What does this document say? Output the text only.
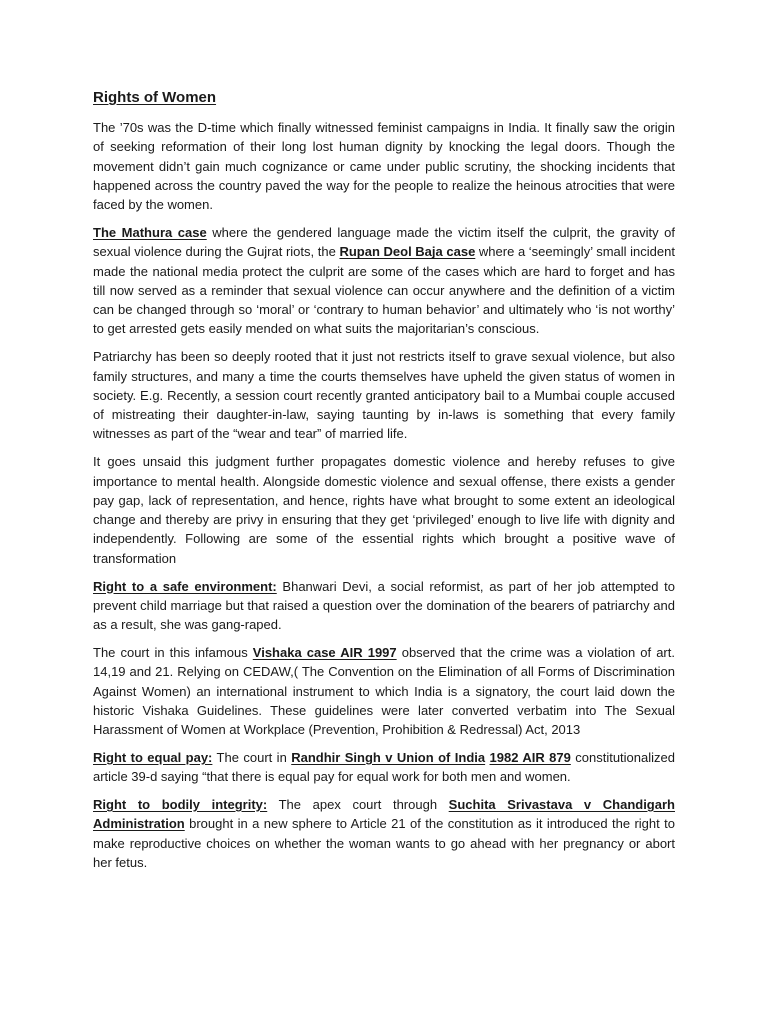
Rights of Women

The ’70s was the D-time which finally witnessed feminist campaigns in India. It finally saw the origin of seeking reformation of their long lost human dignity by knocking the legal doors. Though the movement didn’t gain much cognizance or came under public scrutiny, the shocking incidents that happened across the country paved the way for the people to realize the heinous atrocities that were faced by the women.

The Mathura case where the gendered language made the victim itself the culprit, the gravity of sexual violence during the Gujrat riots, the Rupan Deol Baja case where a ‘seemingly’ small incident made the national media protect the culprit are some of the cases which are hard to forget and has till now served as a reminder that sexual violence can occur anywhere and the definition of a victim can be changed through so ‘moral’ or ‘contrary to human behavior’ and ultimately who ‘is not worthy’ to get arrested gets easily mended on what suits the majoritarian’s conscious.

Patriarchy has been so deeply rooted that it just not restricts itself to grave sexual violence, but also family structures, and many a time the courts themselves have upheld the given status of women in society. E.g. Recently, a session court recently granted anticipatory bail to a Mumbai couple accused of mistreating their daughter-in-law, saying taunting by in-laws is something that every family witnesses as part of the “wear and tear” of married life.

It goes unsaid this judgment further propagates domestic violence and hereby refuses to give importance to mental health. Alongside domestic violence and sexual offense, there exists a gender pay gap, lack of representation, and hence, rights have what brought to some extent an ideological change and thereby are privy in ensuring that they get ‘privileged’ enough to live life with dignity and independently. Following are some of the essential rights which brought a positive wave of transformation

Right to a safe environment: Bhanwari Devi, a social reformist, as part of her job attempted to prevent child marriage but that raised a question over the domination of the bearers of patriarchy and as a result, she was gang-raped.

The court in this infamous Vishaka case AIR 1997 observed that the crime was a violation of art. 14,19 and 21. Relying on CEDAW,( The Convention on the Elimination of all Forms of Discrimination Against Women) an international instrument to which India is a signatory, the court laid down the historic Vishaka Guidelines. These guidelines were later converted verbatim into The Sexual Harassment of Women at Workplace (Prevention, Prohibition & Redressal) Act, 2013

Right to equal pay: The court in Randhir Singh v Union of India 1982 AIR 879 constitutionalized article 39-d saying “that there is equal pay for equal work for both men and women.

Right to bodily integrity: The apex court through Suchita Srivastava v Chandigarh Administration brought in a new sphere to Article 21 of the constitution as it introduced the right to make reproductive choices on whether the woman wants to go ahead with her pregnancy or abort her fetus.
